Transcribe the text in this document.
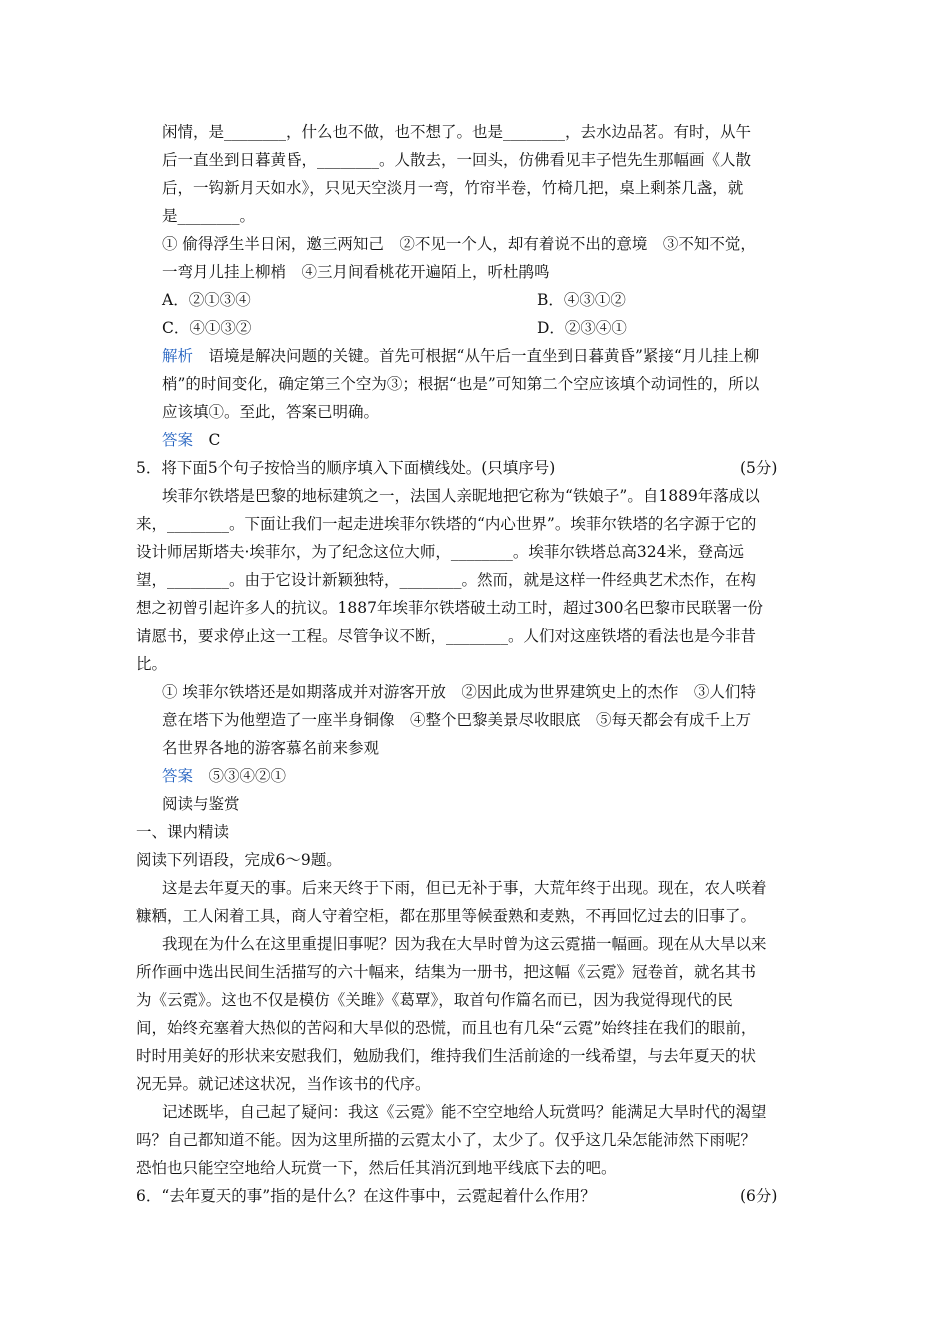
闲情，是________，什么也不做，也不想了。也是________，去水边品茗。有时，从午
后一直坐到日暮黄昏，________。人散去，一回头，仿佛看见丰子恺先生那幅画《人散
后，一钩新月天如水》，只见天空淡月一弯，竹帘半卷，竹椅几把，桌上剩茶几盏，就
是________。
① 偷得浮生半日闲，邀三两知己　②不见一个人，却有着说不出的意境　③不知不觉，
一弯月儿挂上柳梢　④三月间看桃花开遍陌上，听杜鹃鸣
A．②①③④	B．④③①②
C．④①③②	D．②③④①
解析　 语境是解决问题的关键。首先可根据“从午后一直坐到日暮黄昏”紧接“月儿挂上柳
梢”的时间变化，确定第三个空为③；根据“也是”可知第二个空应该填个动词性的，所以
应该填①。至此，答案已明确。
答案　 C
5．将下面5个句子按恰当的顺序填入下面横线处。(只填序号)	(5分)
埃菲尔铁塔是巴黎的地标建筑之一，法国人亲昵地把它称为“铁娘子”。自1889年落成以
来，________。下面让我们一起走进埃菲尔铁塔的“内心世界”。埃菲尔铁塔的名字源于它的
设计师居斯塔夫·埃菲尔，为了纪念这位大师，________。埃菲尔铁塔总高324米，登高远
望，________。由于它设计新颖独特，________。然而，就是这样一件经典艺术杰作，在构
想之初曾引起许多人的抗议。1887年埃菲尔铁塔破土动工时，超过300名巴黎市民联署一份
请愿书，要求停止这一工程。尽管争议不断，________。人们对这座铁塔的看法也是今非昔
比。
① 埃菲尔铁塔还是如期落成并对游客开放　②因此成为世界建筑史上的杰作　③人们特
意在塔下为他塑造了一座半身铜像　④整个巴黎美景尽收眼底　⑤每天都会有成千上万
名世界各地的游客慕名前来参观
答案　 ⑤③④②①
阅读与鉴赏
一、课内精读
阅读下列语段，完成6～9题。
这是去年夏天的事。后来天终于下雨，但已无补于事，大荒年终于出现。现在，农人咲着
糠粞，工人闲着工具，商人守着空柜，都在那里等候蚕熟和麦熟，不再回忆过去的旧事了。
我现在为什么在这里重提旧事呢？因为我在大旱时曾为这云霓描一幅画。现在从大旱以来
所作画中选出民间生活描写的六十幅来，结集为一册书，把这幅《云霓》冠卷首，就名其书
为《云霓》。这也不仅是模仿《关雎》《葛覃》，取首句作篇名而已，因为我觉得现代的民
间，始终充塞着大热似的苦闷和大旱似的恐慌，而且也有几朵“云霓”始终挂在我们的眼前，
时时用美好的形状来安慰我们，勉励我们，维持我们生活前途的一线希望，与去年夏天的状
况无异。就记述这状况，当作该书的代序。
记述既毕，自己起了疑问：我这《云霓》能不空空地给人玩赏吗？能满足大旱时代的渴望
吗？自己都知道不能。因为这里所描的云霓太小了，太少了。仅乎这几朵怎能沛然下雨呢？
恐怕也只能空空地给人玩赏一下，然后任其消沉到地平线底下去的吧。
6．“去年夏天的事”指的是什么？在这件事中，云霓起着什么作用？	(6分)
